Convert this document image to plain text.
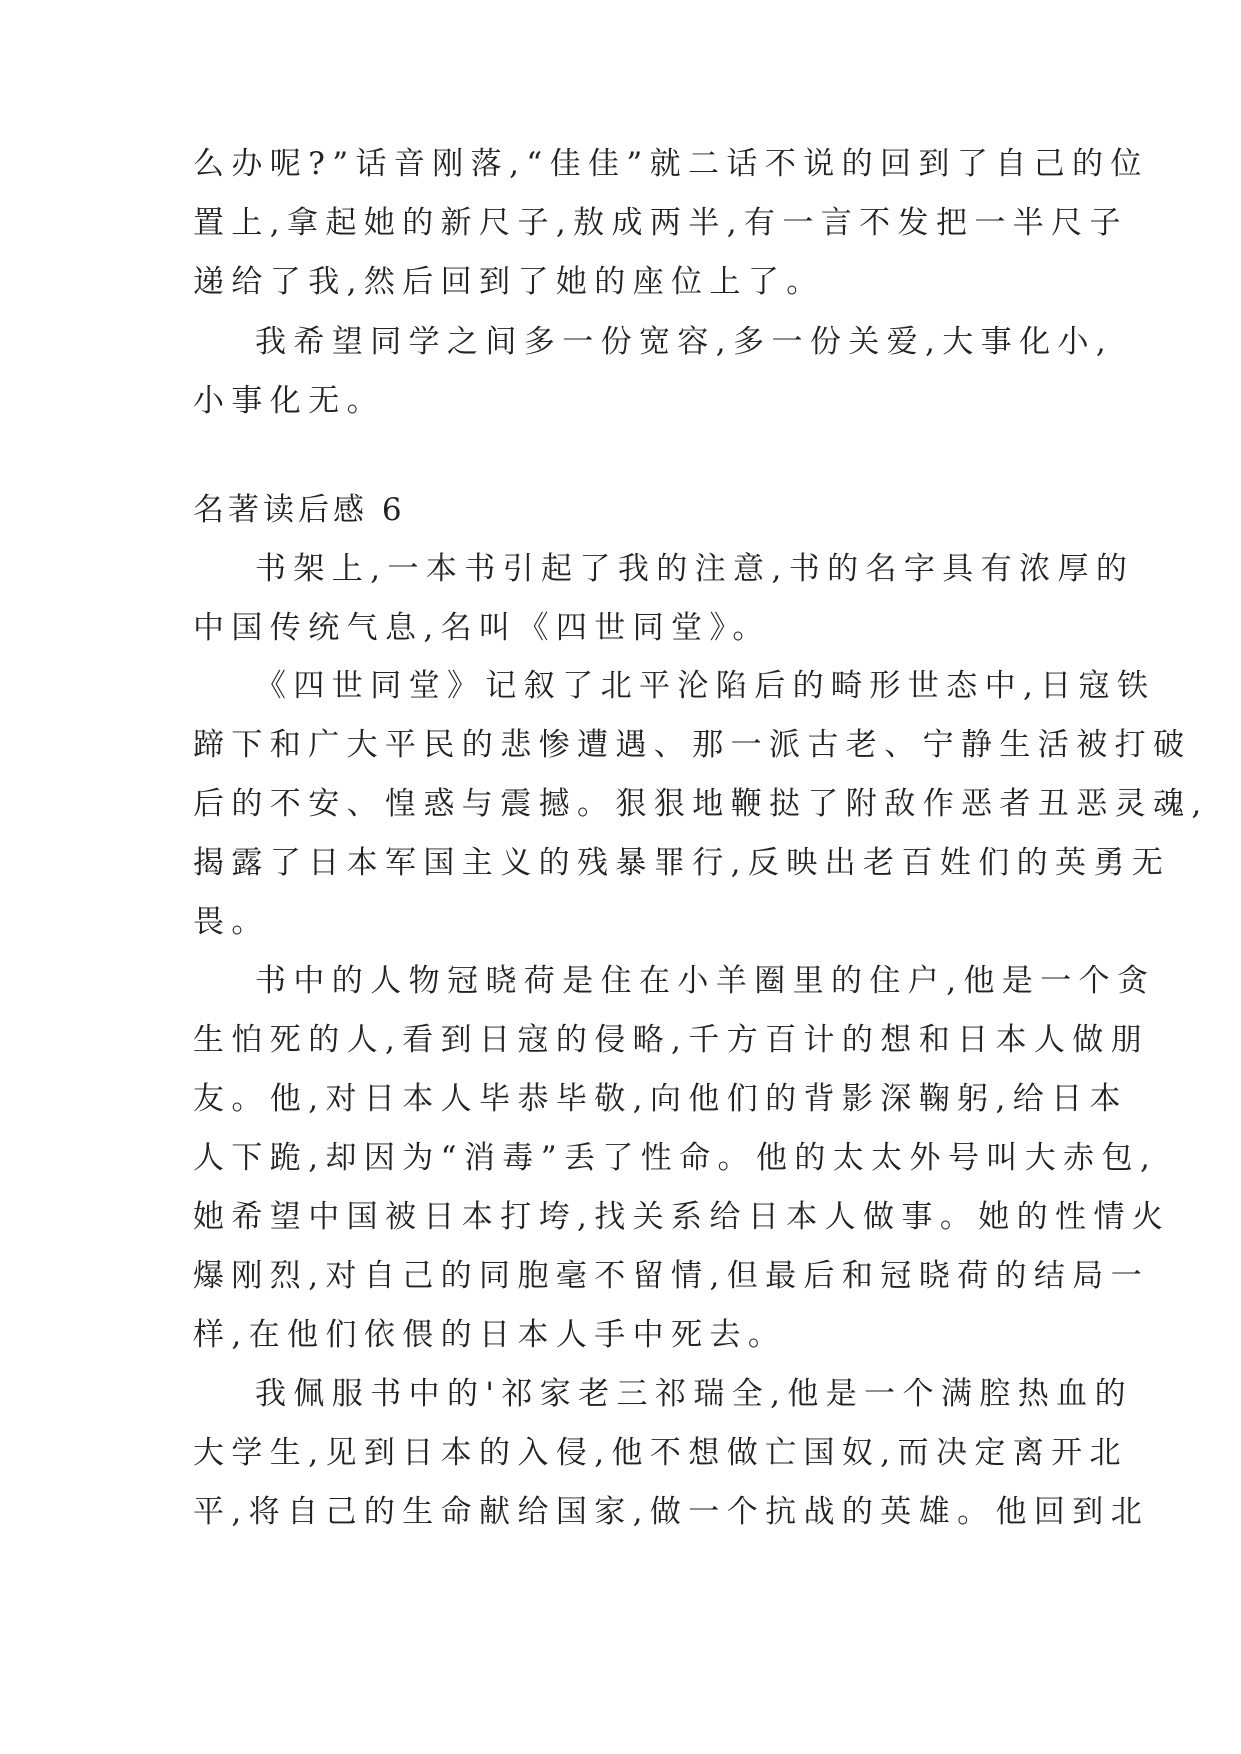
么办呢?”话音刚落,“佳佳”就二话不说的回到了自己的位
置上,拿起她的新尺子,敖成两半,有一言不发把一半尺子
递给了我,然后回到了她的座位上了。
我希望同学之间多一份宽容,多一份关爱,大事化小,
小事化无。
名著读后感 6
书架上,一本书引起了我的注意,书的名字具有浓厚的
中国传统气息,名叫《四世同堂》。
《四世同堂》记叙了北平沦陷后的畸形世态中,日寇铁
蹄下和广大平民的悲惨遭遇、那一派古老、宁静生活被打破
后的不安、惶惑与震撼。狠狠地鞭挞了附敌作恶者丑恶灵魂,
揭露了日本军国主义的残暴罪行,反映出老百姓们的英勇无
畏。
书中的人物冠晓荷是住在小羊圈里的住户,他是一个贪
生怕死的人,看到日寇的侵略,千方百计的想和日本人做朋
友。他,对日本人毕恭毕敬,向他们的背影深鞠躬,给日本
人下跪,却因为“消毒”丢了性命。他的太太外号叫大赤包,
她希望中国被日本打垮,找关系给日本人做事。她的性情火
爆刚烈,对自己的同胞毫不留情,但最后和冠晓荷的结局一
样,在他们依偎的日本人手中死去。
我佩服书中的'祁家老三祁瑞全,他是一个满腔热血的
大学生,见到日本的入侵,他不想做亡国奴,而决定离开北
平,将自己的生命献给国家,做一个抗战的英雄。他回到北
